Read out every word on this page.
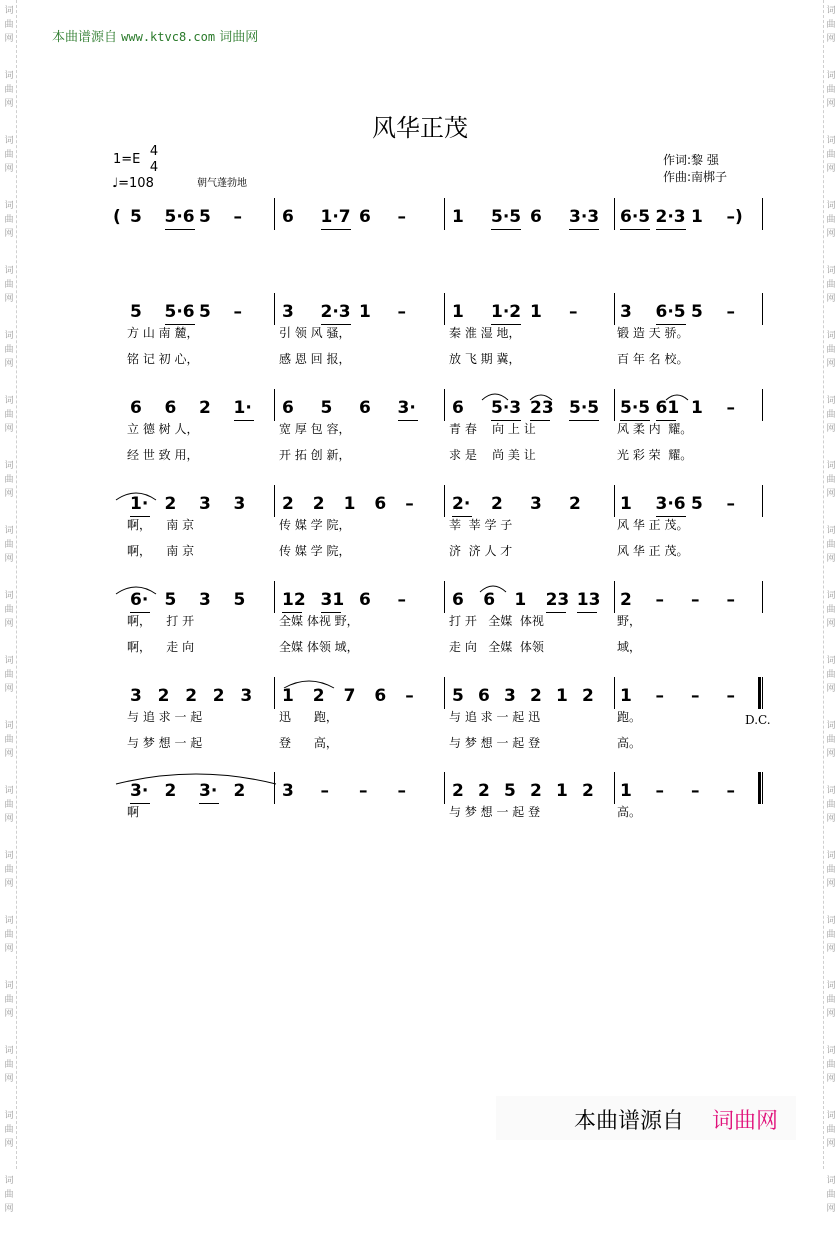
词
曲
网
词
曲
网
词
曲
网
词
曲
网
词
曲
网
词
曲
网
词
曲
网
词
曲
网
词
曲
网
词
曲
网
词
曲
网
词
曲
网
词
曲
网
词
曲
网
词
曲
网
词
曲
网
词
曲
网
词
曲
网
词
曲
网
词
曲
网
词
曲
网
词
曲
网
词
曲
网
词
曲
网
词
曲
网
词
曲
网
词
曲
网
词
曲
网
词
曲
网
词
曲
网
词
曲
网
词
曲
网
词
曲
网
词
曲
网
词
曲
网
词
曲
网
词
曲
网
词
曲
网
本曲谱源自 www.ktvc8.com 词曲网
风华正茂
1=E
4
4
♩=108	朝气蓬勃地
作词:黎 强
作曲:南梆子
( 5 5·6 5 – 6 1·7 6 –	1 5·5 6 3·3 6·5 2·3 1 –)
5 5·6 5 – 3 2·3 1 –	1 1·2 1 –	3 6·5 5 –
方 山 南 麓，	引 领 风 骚，	秦 淮 湿 地，	锻 造 天 骄。
铭 记 初 心，	感 恩 回 报，	放 飞 期 冀，	百 年 名 校。
6 6 2 1· 6 5 6 3· 6 5·3 23 5·5 5·5 61 1 –
立 德 树 人，	宽 厚 包 容，	青 春    向 上 让	风 柔 内  耀。
经 世 致 用，	开 拓 创 新，	求 是    尚 美 让	光 彩 荣  耀。
1· 2 3 3 2 2 1 6 – 2· 2 3 2 1 3·6 5 –
啊，    南 京	传 媒 学 院，	莘  莘 学 子	风 华 正 茂。
啊，    南 京	传 媒 学 院，	济  济 人 才	风 华 正 茂。
6· 5 3 5 12 31 6 –	6 6 1 23 13 2 – – –
啊，    打 开	全媒 体视 野，	打 开   全媒  体视	野，
啊，    走 向	全媒 体领 域，	走 向   全媒  体领	域，
3 2 2 2 3 1 2 7 6 – 5 6 3 2 1 2 1 – – –
与 追 求 一 起	迅      跑，	与 追 求 一 起 迅	跑。
与 梦 想 一 起	登      高，	与 梦 想 一 起 登	高。
3· 2 3· 2 3 – – –	2 2 5 2 1 2 1 – – –
啊	与 梦 想 一 起 登	高。
D.C.
本曲谱源自 词曲网
